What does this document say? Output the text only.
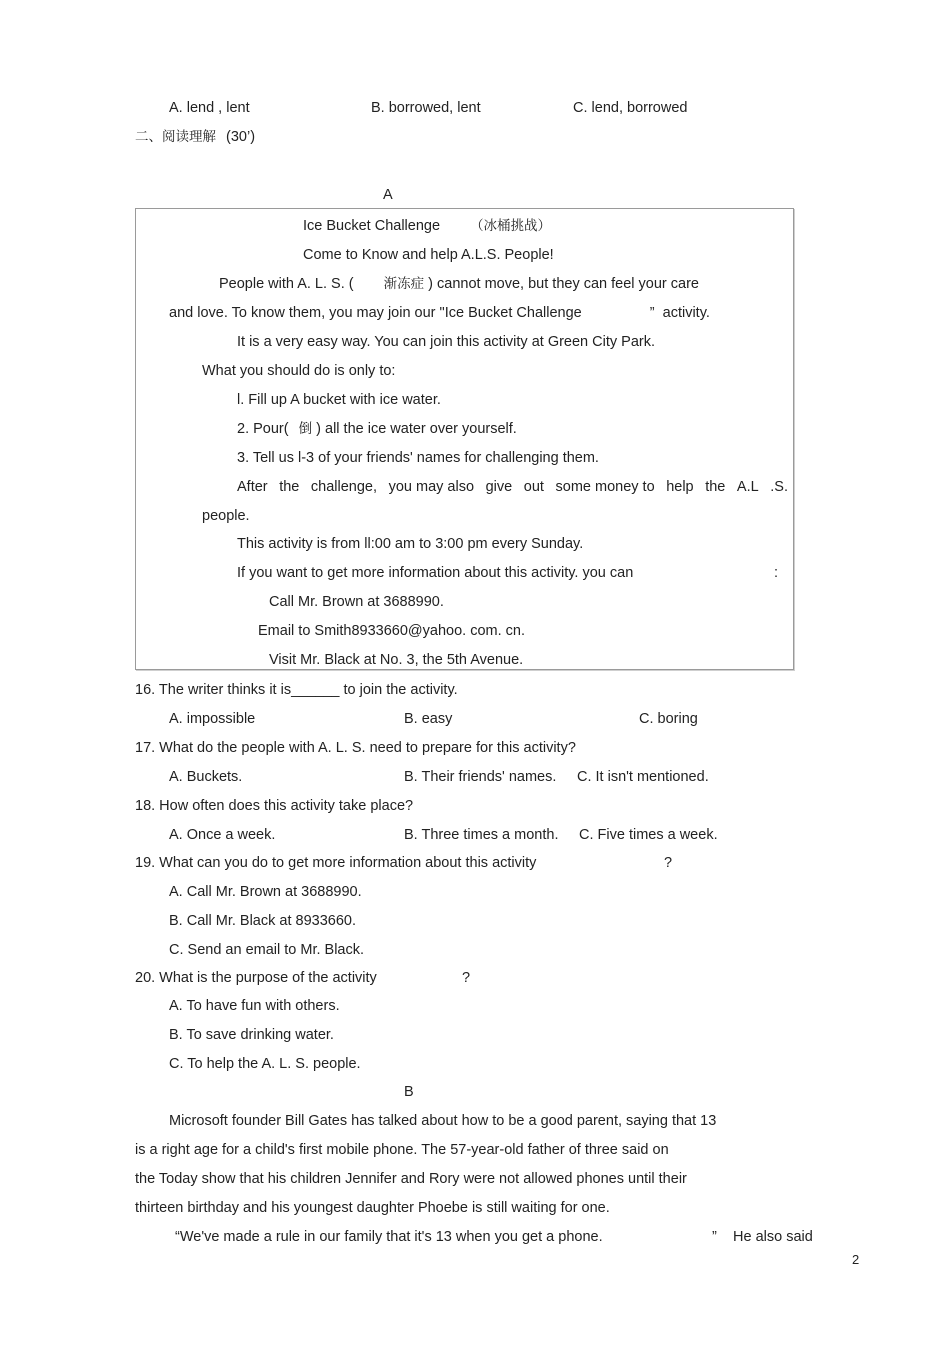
A. lend , lent	B. borrowed, lent	C. lend, borrowed
二、阅读理解 (30’)
A
Ice Bucket Challenge （冰桶挑战）
Come to Know and help A.L.S. People!
People with A. L. S. ( 渐冻症 ) cannot move, but they can feel your care
and love. To know them, you may join our "Ice Bucket Challenge	” activity.
It is a very easy way. You can join this activity at Green City Park.
What you should do is only to:
l. Fill up A bucket with ice water.
2. Pour( 倒 ) all the ice water over yourself.
3. Tell us l-3 of your friends' names for challenging them.
After the challenge, you may also give out some money to help the A.L .S.
people.
This activity is from ll:00 am to 3:00 pm every Sunday.
If you want to get more information about this activity. you can	:
Call Mr. Brown at 3688990.
Email to Smith8933660@yahoo. com. cn.
Visit Mr. Black at No. 3, the 5th Avenue.
16. The writer thinks it is______ to join the activity.
A. impossible	B. easy	C. boring
17. What do the people with A. L. S. need to prepare for this activity?
A. Buckets.	B. Their friends' names. C. It isn't mentioned.
18. How often does this activity take place?
A. Once a week.	B. Three times a month. C. Five times a week.
19. What can you do to get more information about this activity	?
A. Call Mr. Brown at 3688990.
B. Call Mr. Black at 8933660.
C. Send an email to Mr. Black.
20. What is the purpose of the activity	?
A. To have fun with others.
B. To save drinking water.
C. To help the A. L. S. people.
B
Microsoft founder Bill Gates has talked about how to be a good parent, saying that 13
is a right age for a child's first mobile phone. The 57-year-old father of three said on
the Today show that his children Jennifer and Rory were not allowed phones until their
thirteen birthday and his youngest daughter Phoebe is still waiting for one.
“We've made a rule in our family that it's 13 when you get a phone.	” He also said
2
